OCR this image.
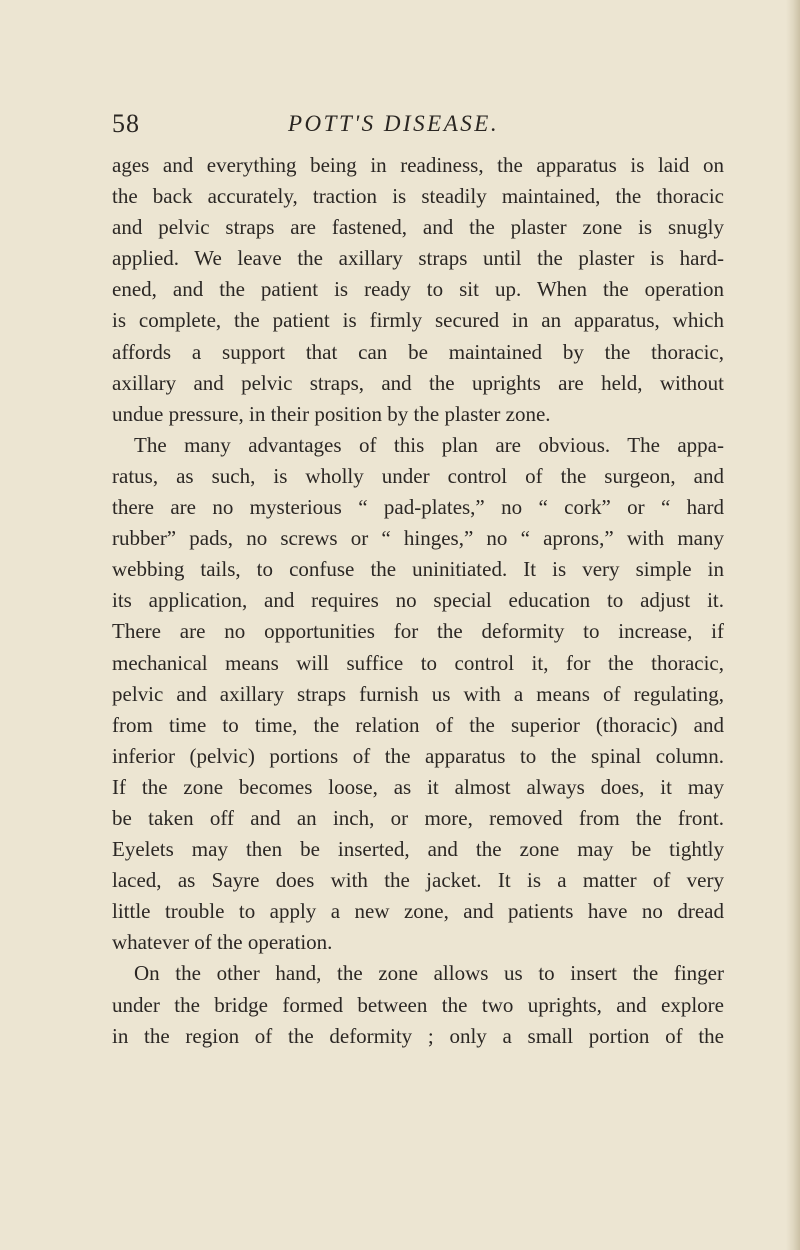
58	POTT'S DISEASE.
ages and everything being in readiness, the apparatus is laid on
the back accurately, traction is steadily maintained, the thoracic
and pelvic straps are fastened, and the plaster zone is snugly
applied. We leave the axillary straps until the plaster is hard-
ened, and the patient is ready to sit up. When the operation
is complete, the patient is firmly secured in an apparatus, which
affords a support that can be maintained by the thoracic,
axillary and pelvic straps, and the uprights are held, without
undue pressure, in their position by the plaster zone.
The many advantages of this plan are obvious. The appa-
ratus, as such, is wholly under control of the surgeon, and
there are no mysterious “ pad-plates,” no “ cork” or “ hard
rubber” pads, no screws or “ hinges,” no “ aprons,” with many
webbing tails, to confuse the uninitiated. It is very simple in
its application, and requires no special education to adjust it.
There are no opportunities for the deformity to increase, if
mechanical means will suffice to control it, for the thoracic,
pelvic and axillary straps furnish us with a means of regulating,
from time to time, the relation of the superior (thoracic) and
inferior (pelvic) portions of the apparatus to the spinal column.
If the zone becomes loose, as it almost always does, it may
be taken off and an inch, or more, removed from the front.
Eyelets may then be inserted, and the zone may be tightly
laced, as Sayre does with the jacket. It is a matter of very
little trouble to apply a new zone, and patients have no dread
whatever of the operation.
On the other hand, the zone allows us to insert the finger
under the bridge formed between the two uprights, and explore
in the region of the deformity ; only a small portion of the
